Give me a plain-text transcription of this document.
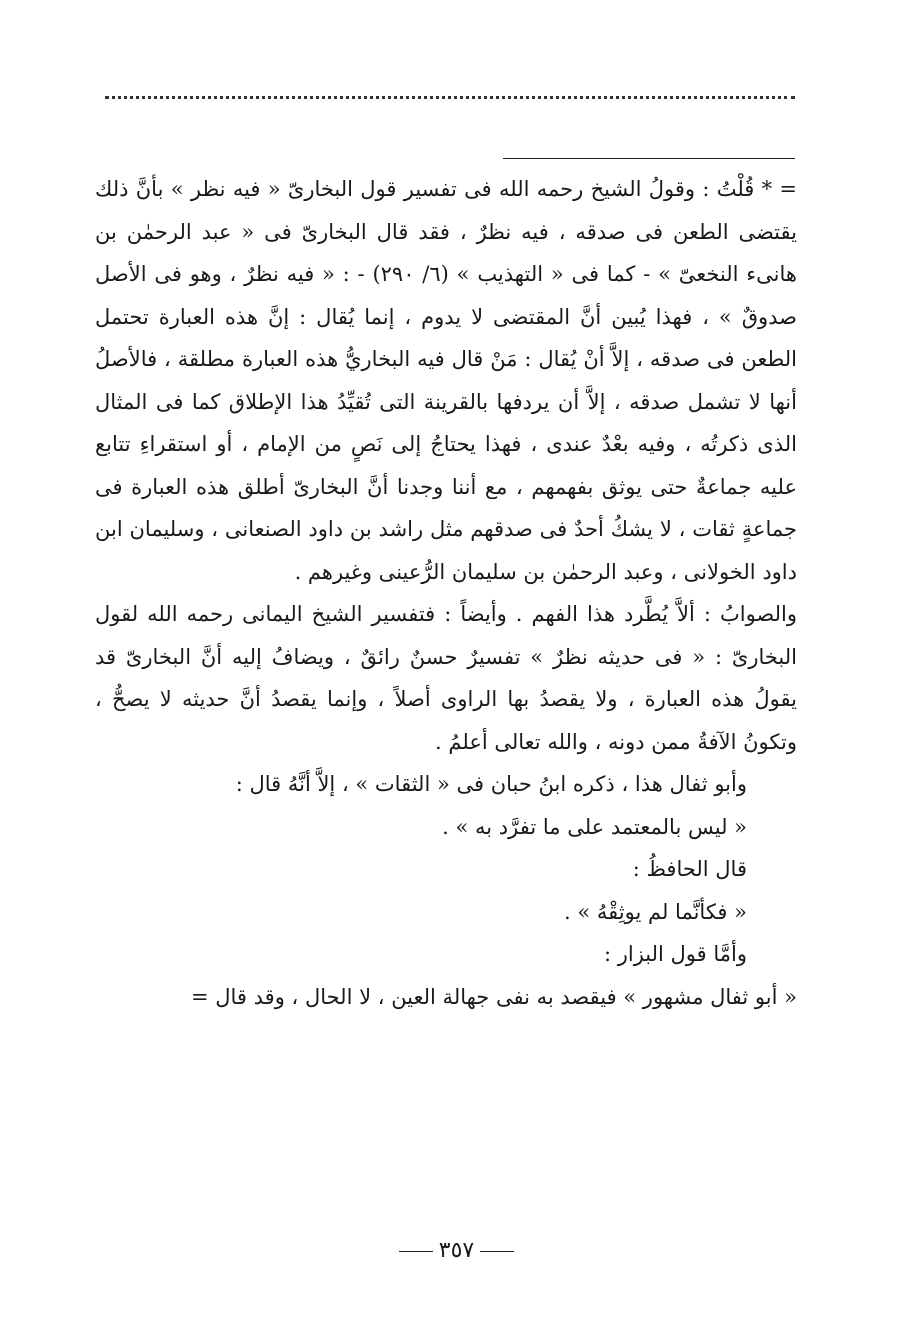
= * قُلْتُ : وقولُ الشيخ رحمه الله فى تفسير قول البخارىّ « فيه نظر » بأنَّ ذلك يقتضى الطعن فى صدقه ، فيه نظرٌ ، فقد قال البخارىّ فى « عبد الرحمٰن بن هانىء النخعىّ » - كما فى « التهذيب » (٦/ ٢٩٠) - : « فيه نظرٌ ، وهو فى الأصل صدوقٌ » ، فهذا يُبين أنَّ المقتضى لا يدوم ، إنما يُقال : إنَّ هذه العبارة تحتمل الطعن فى صدقه ، إلاَّ أنْ يُقال : مَنْ قال فيه البخاريُّ هذه العبارة مطلقة ، فالأصلُ أنها لا تشمل صدقه ، إلاَّ أن يردفها بالقرينة التى تُقيِّدُ هذا الإطلاق كما فى المثال الذى ذكرتُه ، وفيه بعْدٌ عندى ، فهذا يحتاجُ إلى نَصٍ من الإمام ، أو استقراءِ تتابع عليه جماعةٌ حتى يوثق بفهمهم ، مع أننا وجدنا أنَّ البخارىّ أطلق هذه العبارة فى جماعةٍ ثقات ، لا يشكُ أحدٌ فى صدقهم مثل راشد بن داود الصنعانى ، وسليمان ابن داود الخولانى ، وعبد الرحمٰن بن سليمان الرُّعينى وغيرهم .

والصوابُ : ألاَّ يُطَّرد هذا الفهم . وأيضاً : فتفسير الشيخ اليمانى رحمه الله لقول البخارىّ : « فى حديثه نظرٌ » تفسيرٌ حسنٌ رائقٌ ، ويضافُ إليه أنَّ البخارىّ قد يقولُ هذه العبارة ، ولا يقصدُ بها الراوى أصلاً ، وإنما يقصدُ أنَّ حديثه لا يصحُّ ، وتكونُ الآفةُ ممن دونه ، والله تعالى أعلمُ .

وأبو ثفال هذا ، ذكره ابنُ حبان فى « الثقات » ، إلاَّ أنَّهُ قال :

« ليس بالمعتمد على ما تفرَّد به » .

قال الحافظُ :

« فكأنَّما لم يوثِقْهُ » .

وأمَّا قول البزار :

« أبو ثفال مشهور » فيقصد به نفى جهالة العين ، لا الحال ، وقد قال =

٣٥٧
